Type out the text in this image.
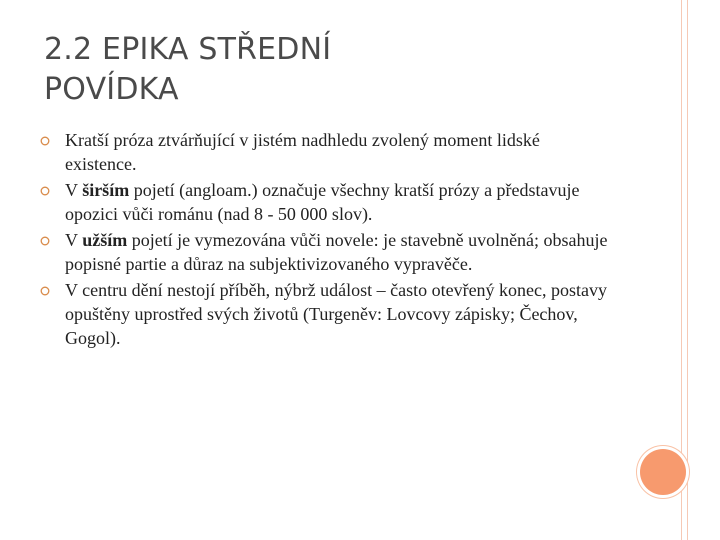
2.2 EPIKA STŘEDNÍ
POVÍDKA
Kratší próza ztvárňující v jistém nadhledu zvolený moment lidské existence.
V širším pojetí (angloam.) označuje všechny kratší prózy a představuje opozici vůči románu (nad 8 - 50 000 slov).
V užším pojetí je vymezována vůči novele: je stavebně uvolněná; obsahuje popisné partie a důraz na subjektivizovaného vypravěče.
V centru dění nestojí příběh, nýbrž událost – často otevřený konec, postavy opuštěny uprostřed svých životů (Turgeněv: Lovcovy zápisky; Čechov, Gogol).
